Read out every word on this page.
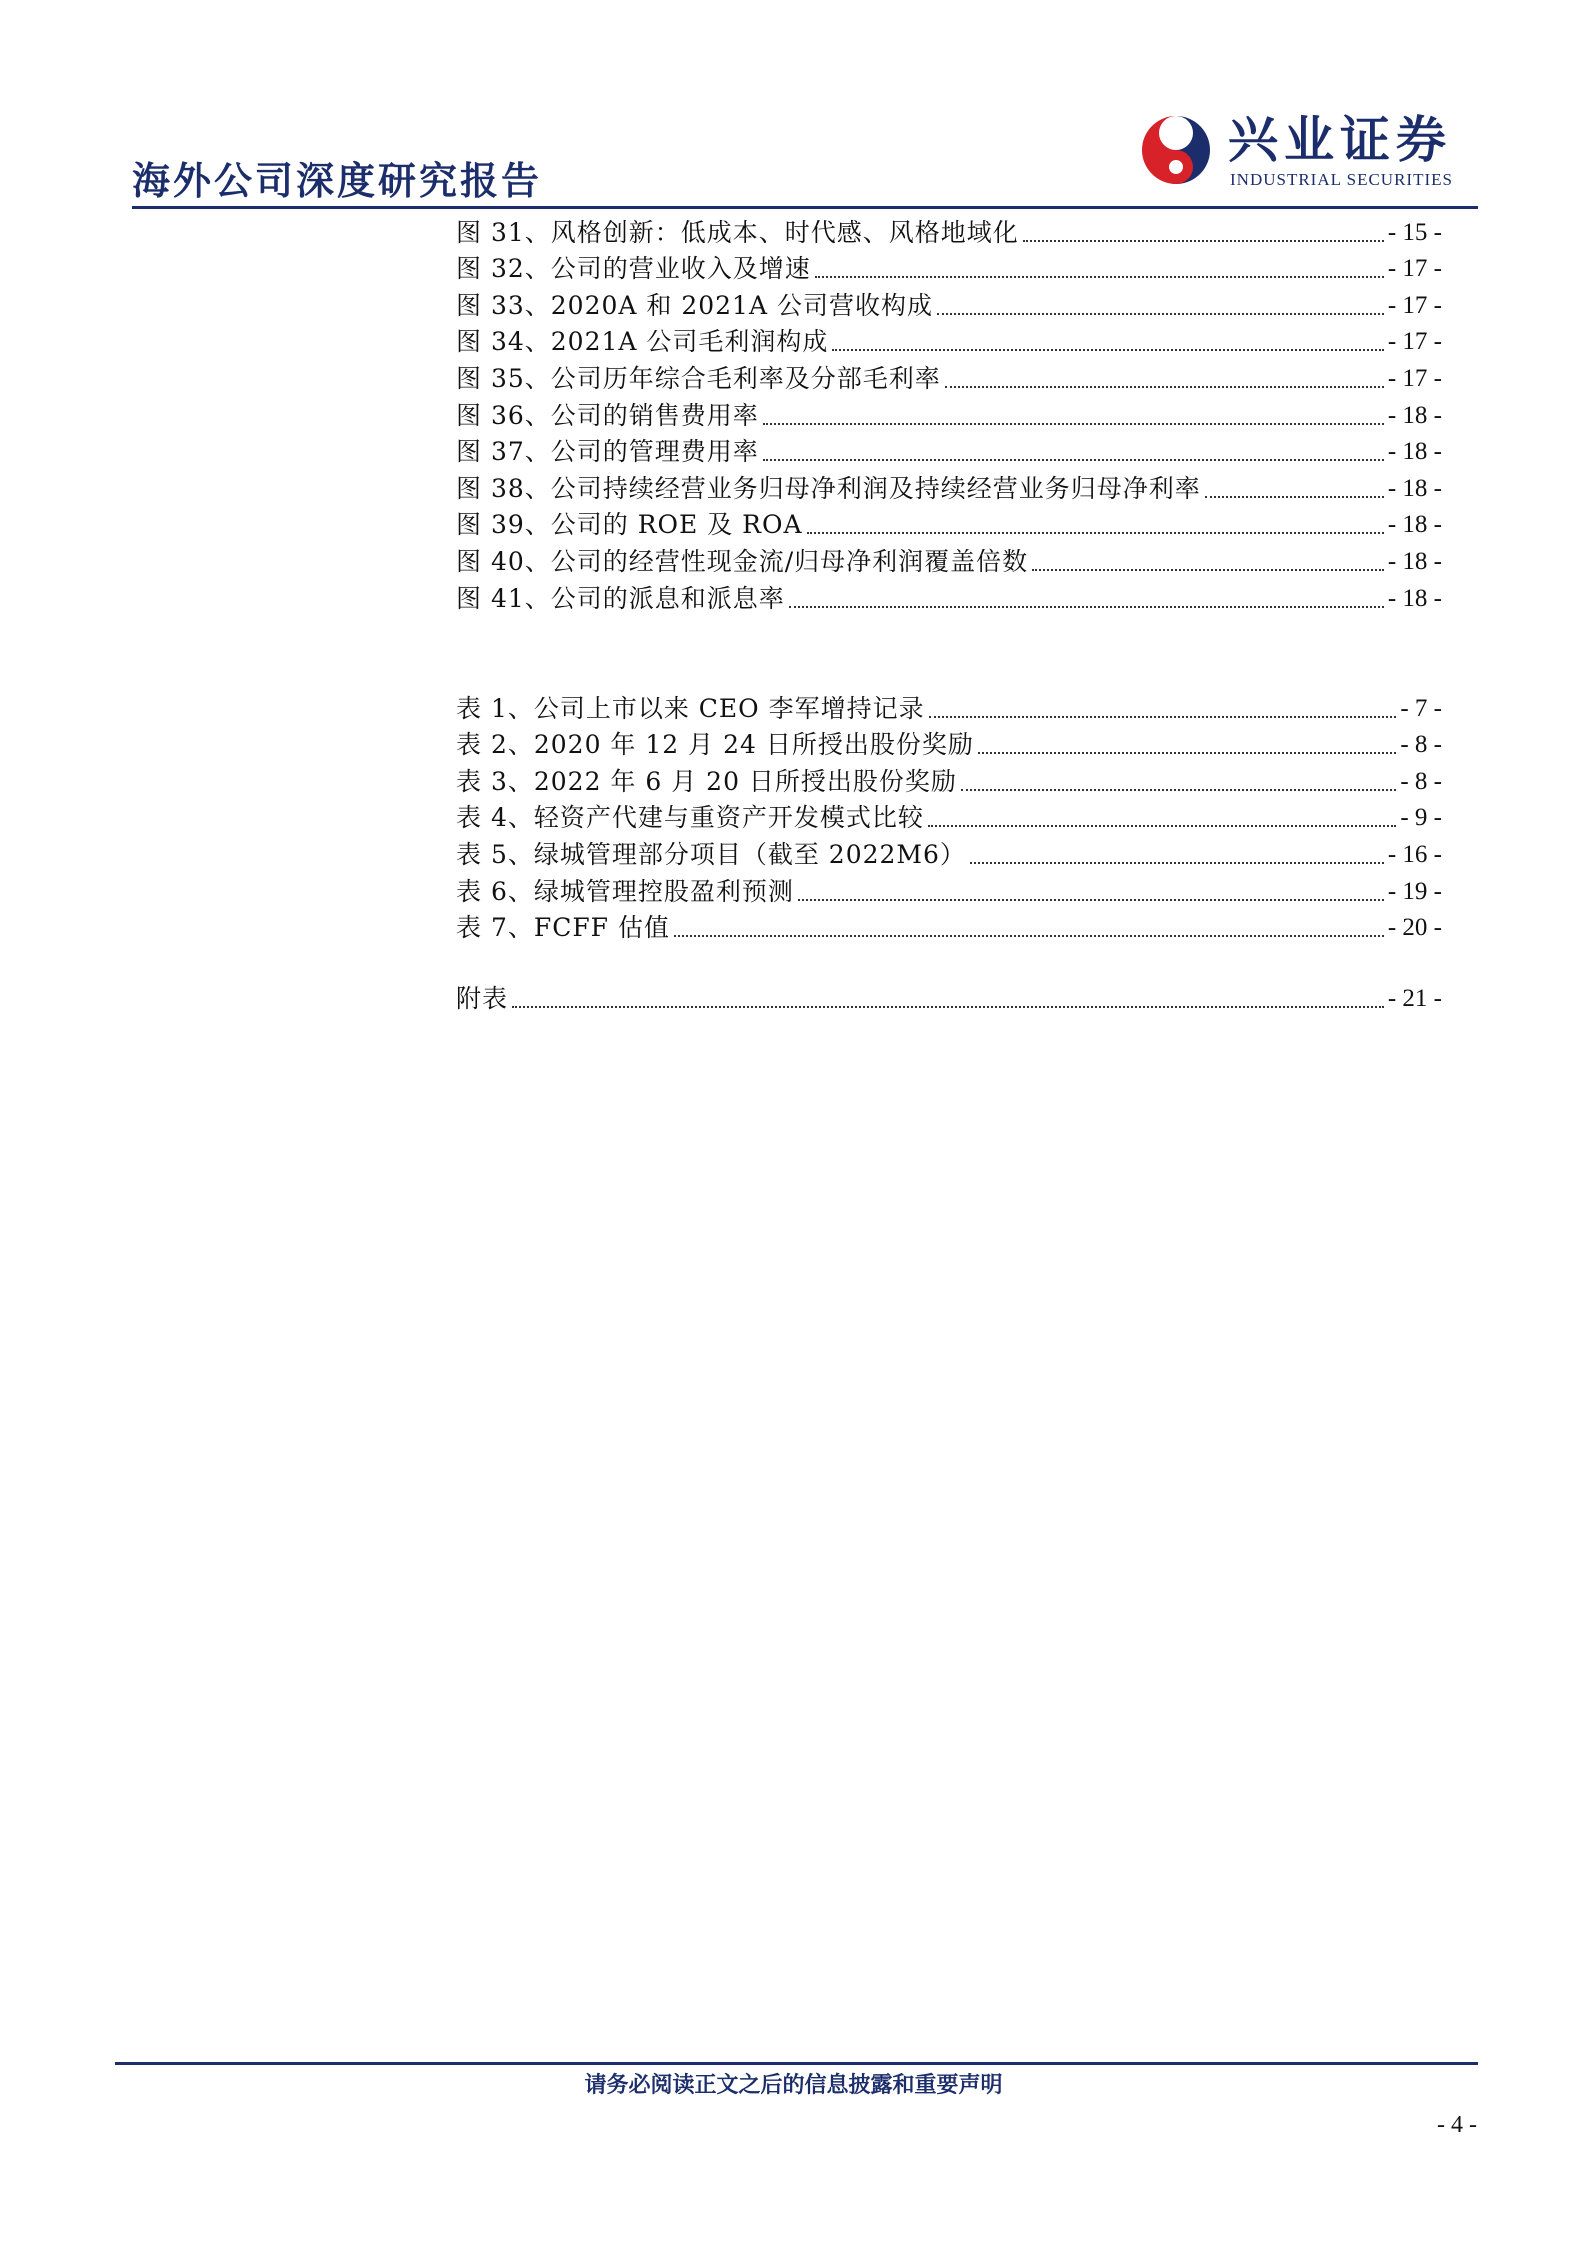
海外公司深度研究报告
兴业证券
INDUSTRIAL SECURITIES
图 31、风格创新：低成本、时代感、风格地域化	- 15 -
图 32、公司的营业收入及增速	- 17 -
图 33、2020A 和 2021A 公司营收构成	- 17 -
图 34、2021A 公司毛利润构成	- 17 -
图 35、公司历年综合毛利率及分部毛利率	- 17 -
图 36、公司的销售费用率	- 18 -
图 37、公司的管理费用率	- 18 -
图 38、公司持续经营业务归母净利润及持续经营业务归母净利率	- 18 -
图 39、公司的 ROE 及 ROA	- 18 -
图 40、公司的经营性现金流/归母净利润覆盖倍数	- 18 -
图 41、公司的派息和派息率	- 18 -
表 1、公司上市以来 CEO 李军增持记录	- 7 -
表 2、2020 年 12 月 24 日所授出股份奖励	- 8 -
表 3、2022 年 6 月 20 日所授出股份奖励	- 8 -
表 4、轻资产代建与重资产开发模式比较	- 9 -
表 5、绿城管理部分项目（截至 2022M6）	- 16 -
表 6、绿城管理控股盈利预测	- 19 -
表 7、FCFF 估值	- 20 -
附表	- 21 -
请务必阅读正文之后的信息披露和重要声明
- 4 -
